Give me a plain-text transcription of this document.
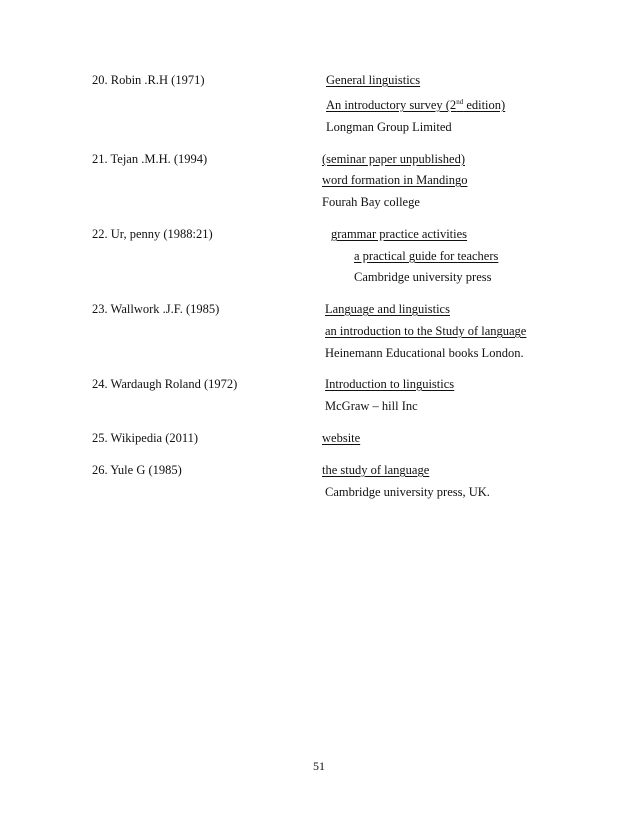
20. Robin .R.H (1971)	General linguistics
An introductory survey (2nd edition)
Longman Group Limited
21. Tejan .M.H. (1994)	(seminar paper unpublished)
word formation in Mandingo
Fourah Bay college
22. Ur, penny (1988:21)	grammar practice activities
a practical guide for teachers
Cambridge university press
23. Wallwork .J.F. (1985)	Language and linguistics
an introduction to the Study of language
Heinemann Educational books London.
24. Wardaugh Roland (1972)	Introduction to linguistics
McGraw – hill Inc
25. Wikipedia (2011)	website
26. Yule G (1985)	the study of language
Cambridge university press, UK.
51
